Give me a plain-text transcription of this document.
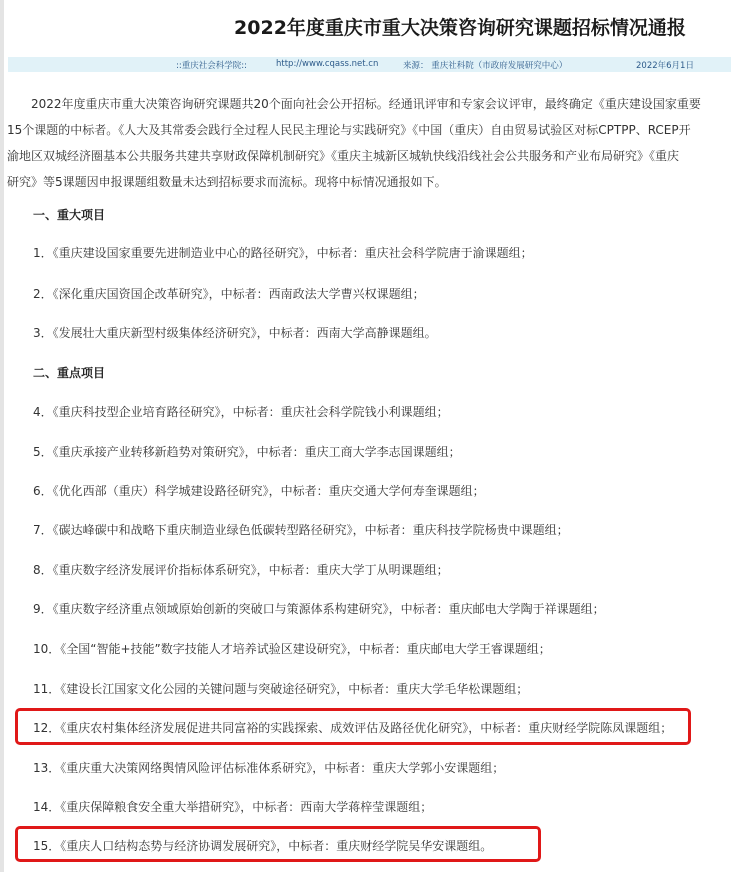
2022年度重庆市重大决策咨询研究课题招标情况通报
::重庆社会科学院::	http://www.cqass.net.cn	来源： 重庆社科院（市政府发展研究中心）	2022年6月1日
　　2022年度重庆市重大决策咨询研究课题共20个面向社会公开招标。经通讯评审和专家会议评审，最终确定《重庆建设国家重要
15个课题的中标者。《人大及其常委会践行全过程人民民主理论与实践研究》《中国（重庆）自由贸易试验区对标CPTPP、RCEP开
渝地区双城经济圈基本公共服务共建共享财政保障机制研究》《重庆主城新区城轨快线沿线社会公共服务和产业布局研究》《重庆
研究》等5课题因申报课题组数量未达到招标要求而流标。现将中标情况通报如下。
一、重大项目
1．《重庆建设国家重要先进制造业中心的路径研究》，中标者：重庆社会科学院唐于渝课题组；
2．《深化重庆国资国企改革研究》，中标者：西南政法大学曹兴权课题组；
3．《发展壮大重庆新型村级集体经济研究》，中标者：西南大学高静课题组。
二、重点项目
4．《重庆科技型企业培育路径研究》，中标者：重庆社会科学院钱小利课题组；
5．《重庆承接产业转移新趋势对策研究》，中标者：重庆工商大学李志国课题组；
6．《优化西部（重庆）科学城建设路径研究》，中标者：重庆交通大学何寿奎课题组；
7．《碳达峰碳中和战略下重庆制造业绿色低碳转型路径研究》，中标者：重庆科技学院杨贵中课题组；
8．《重庆数字经济发展评价指标体系研究》，中标者：重庆大学丁从明课题组；
9．《重庆数字经济重点领域原始创新的突破口与策源体系构建研究》，中标者：重庆邮电大学陶于祥课题组；
10．《全国“智能+技能”数字技能人才培养试验区建设研究》，中标者：重庆邮电大学王睿课题组；
11．《建设长江国家文化公园的关键问题与突破途径研究》，中标者：重庆大学毛华松课题组；
12．《重庆农村集体经济发展促进共同富裕的实践探索、成效评估及路径优化研究》，中标者：重庆财经学院陈凤课题组；
13．《重庆重大决策网络舆情风险评估标准体系研究》，中标者：重庆大学郭小安课题组；
14．《重庆保障粮食安全重大举措研究》，中标者：西南大学蒋梓莹课题组；
15．《重庆人口结构态势与经济协调发展研究》，中标者：重庆财经学院吴华安课题组。
